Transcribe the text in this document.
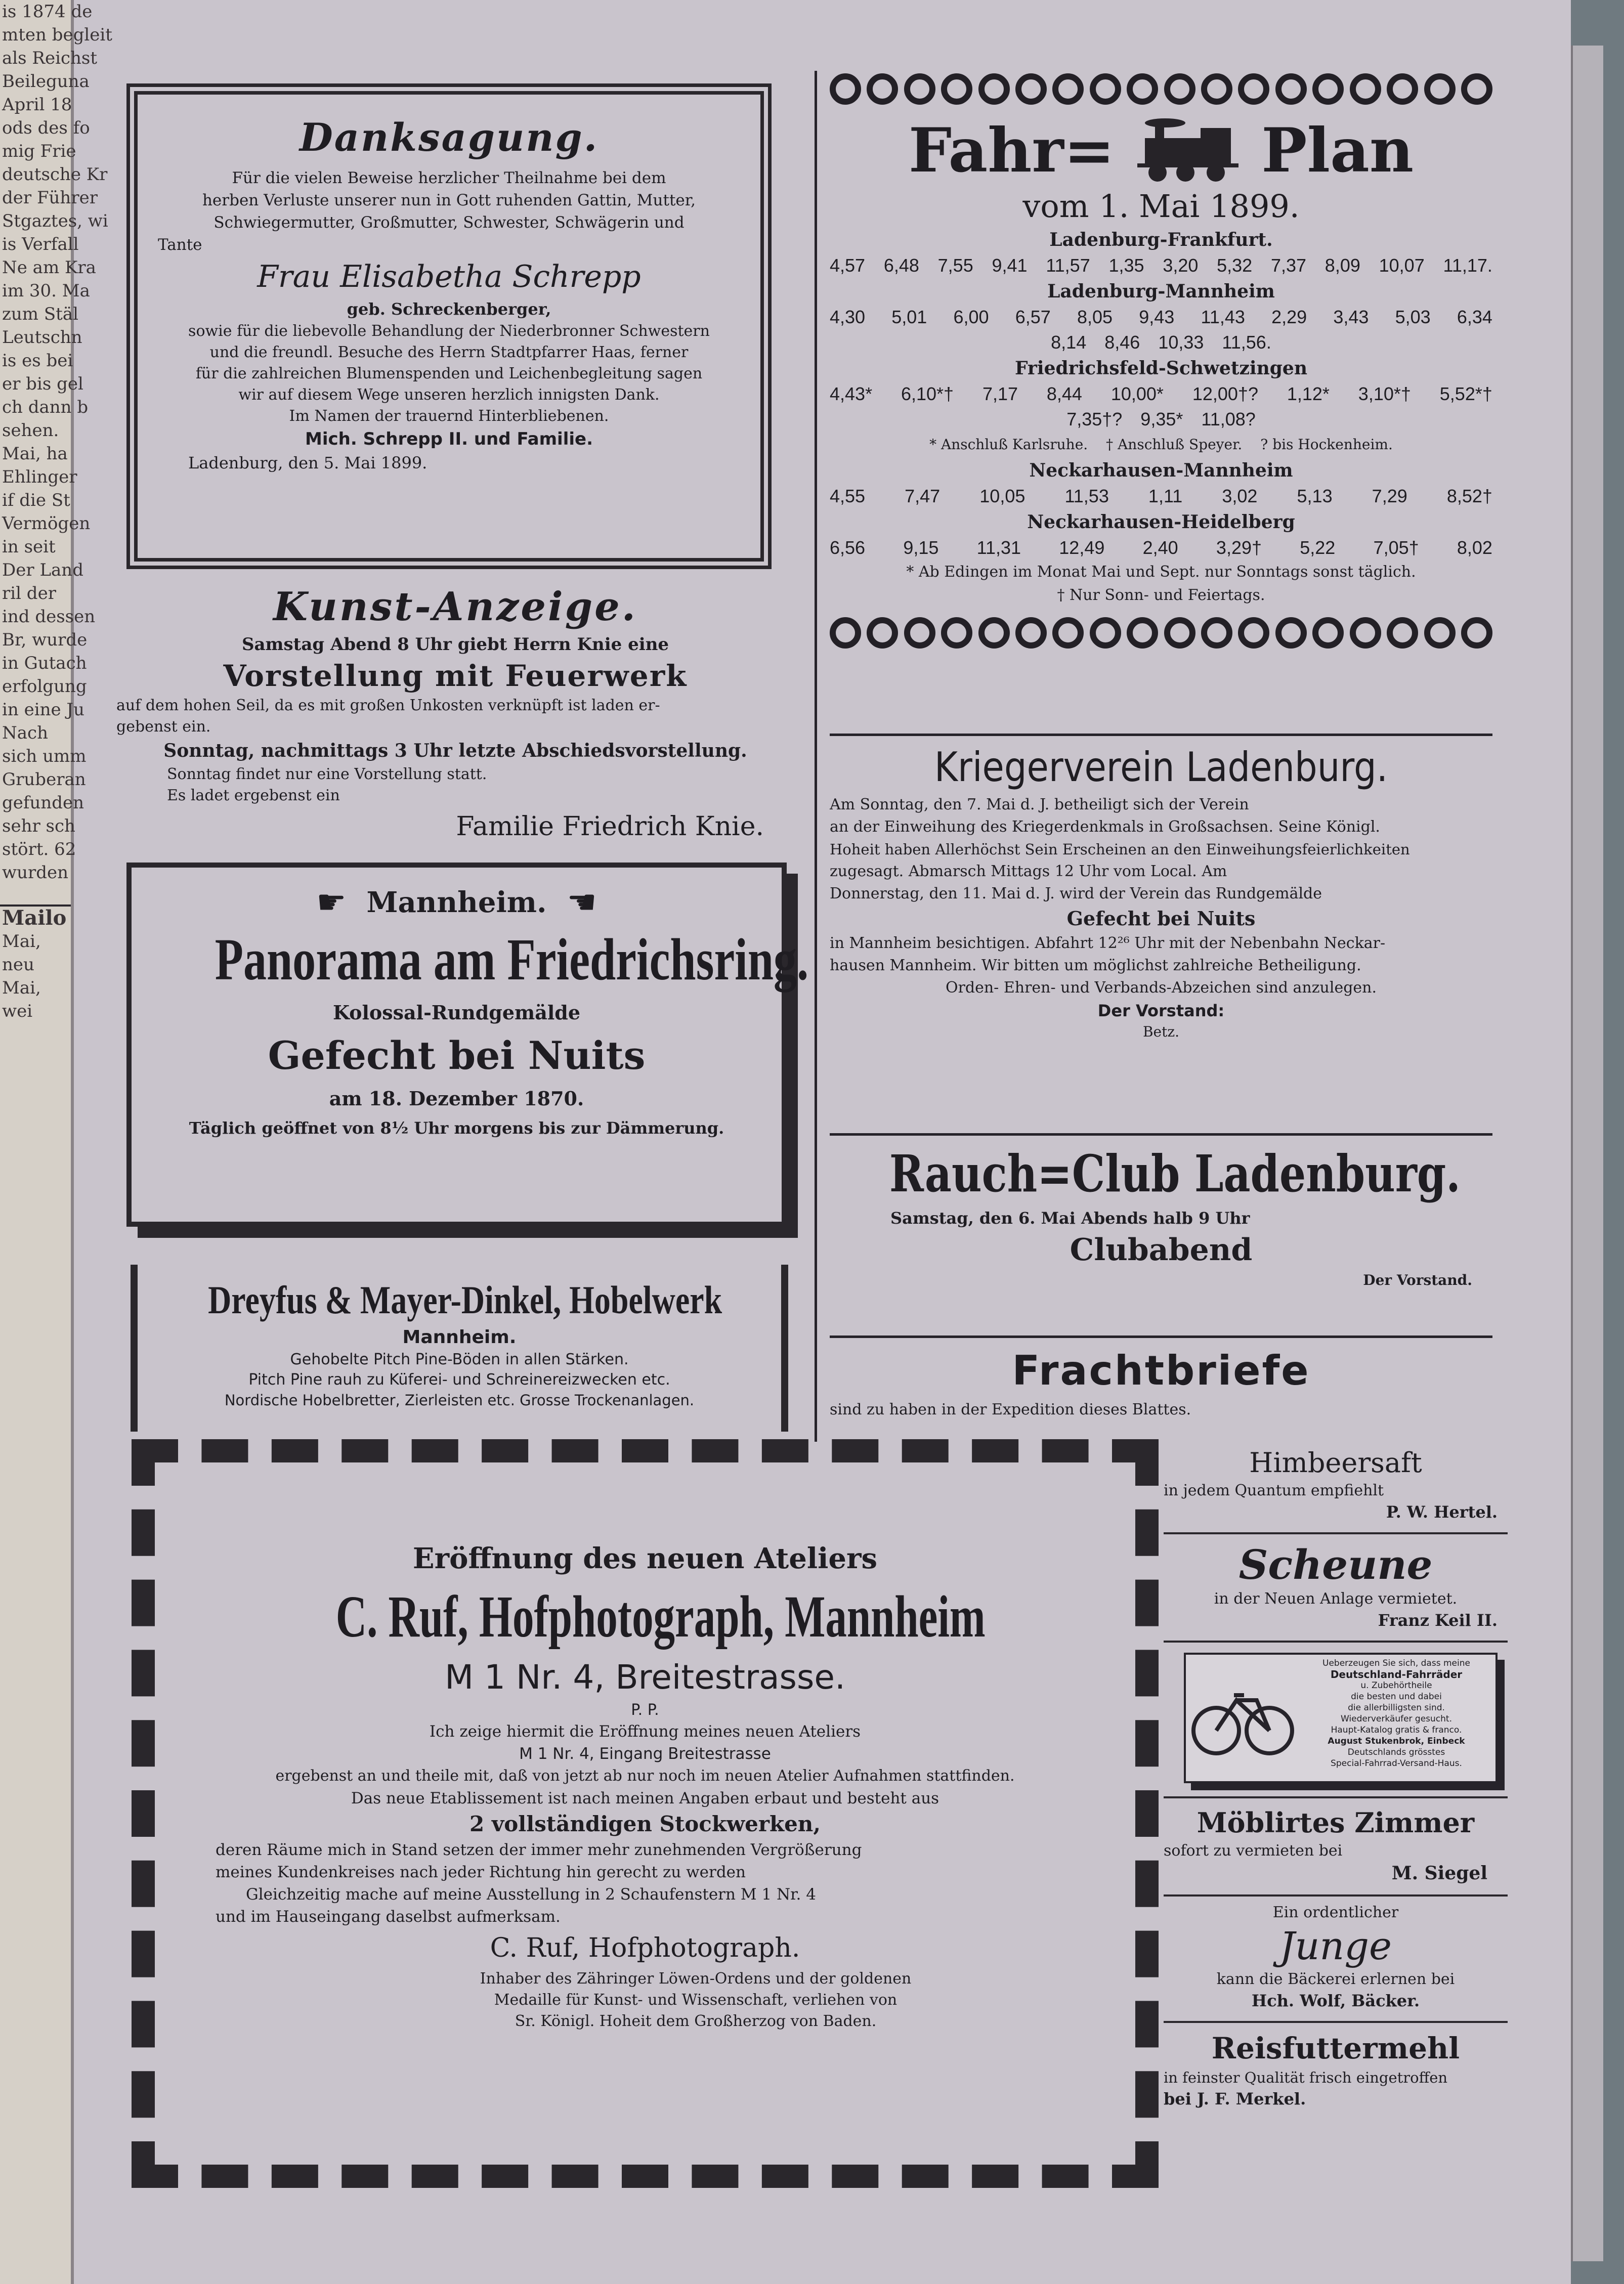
is 1874 de
mten begleit
als Reichst
Beileguna
April 18
ods des fo
mig Frie
deutsche Kr
der Führer
Stgaztes, wi
is Verfall
Ne am Kra
im 30. Ma
zum Stäl
Leutschn
is es bei
er bis gel
ch dann b
sehen.
Mai, ha
Ehlinger
if die St
Vermögen
in seit
Der Land
ril der
ind dessen
Br, wurde
in Gutach
erfolgung
in eine Ju
Nach
sich umm
Gruberan
gefunden
sehr sch
stört. 62
wurden
Mailo
Mai,
neu
Mai,
wei
Danksagung.
Für die vielen Beweise herzlicher Theilnahme bei dem
herben Verluste unserer nun in Gott ruhenden Gattin, Mutter,
Schwiegermutter, Großmutter, Schwester, Schwägerin und
Tante
Frau Elisabetha Schrepp
geb. Schreckenberger,
sowie für die liebevolle Behandlung der Niederbronner Schwestern
und die freundl. Besuche des Herrn Stadtpfarrer Haas, ferner
für die zahlreichen Blumenspenden und Leichenbegleitung sagen
wir auf diesem Wege unseren herzlich innigsten Dank.
Im Namen der trauernd Hinterbliebenen.
Mich. Schrepp II. und Familie.
Ladenburg, den 5. Mai 1899.
Kunst-Anzeige.
Samstag Abend 8 Uhr giebt Herrn Knie eine
Vorstellung mit Feuerwerk
auf dem hohen Seil, da es mit großen Unkosten verknüpft ist laden er-
gebenst ein.
Sonntag, nachmittags 3 Uhr letzte Abschiedsvorstellung.
Sonntag findet nur eine Vorstellung statt.
Es ladet ergebenst ein
Familie Friedrich Knie.
☛ Mannheim. ☚
Panorama am Friedrichsring.
Kolossal-Rundgemälde
Gefecht bei Nuits
am 18. Dezember 1870.
Täglich geöffnet von 8½ Uhr morgens bis zur Dämmerung.
Dreyfus & Mayer-Dinkel, Hobelwerk
Mannheim.
Gehobelte Pitch Pine-Böden in allen Stärken.
Pitch Pine rauh zu Küferei- und Schreinereizwecken etc.
Nordische Hobelbretter, Zierleisten etc. Grosse Trockenanlagen.
Fahr= Plan
vom 1. Mai 1899.
Ladenburg-Frankfurt.
4,57 6,48 7,55 9,41 11,57 1,35 3,20 5,32 7,37 8,09 10,07 11,17.
Ladenburg-Mannheim
4,30 5,01 6,00 6,57 8,05 9,43 11,43 2,29 3,43 5,03 6,34
8,14 8,46 10,33 11,56.
Friedrichsfeld-Schwetzingen
4,43* 6,10*† 7,17 8,44 10,00* 12,00†? 1,12* 3,10*† 5,52*†
7,35†? 9,35* 11,08?
* Anschluß Karlsruhe. † Anschluß Speyer. ? bis Hockenheim.
Neckarhausen-Mannheim
4,55 7,47 10,05 11,53 1,11 3,02 5,13 7,29 8,52†
Neckarhausen-Heidelberg
6,56 9,15 11,31 12,49 2,40 3,29† 5,22 7,05† 8,02
* Ab Edingen im Monat Mai und Sept. nur Sonntags sonst täglich.
† Nur Sonn- und Feiertags.
Kriegerverein Ladenburg.
Am Sonntag, den 7. Mai d. J. betheiligt sich der Verein
an der Einweihung des Kriegerdenkmals in Großsachsen. Seine Königl.
Hoheit haben Allerhöchst Sein Erscheinen an den Einweihungsfeierlichkeiten
zugesagt. Abmarsch Mittags 12 Uhr vom Local. Am
Donnerstag, den 11. Mai d. J. wird der Verein das Rundgemälde
Gefecht bei Nuits
in Mannheim besichtigen. Abfahrt 12²⁶ Uhr mit der Nebenbahn Neckar-
hausen Mannheim. Wir bitten um möglichst zahlreiche Betheiligung.
Orden- Ehren- und Verbands-Abzeichen sind anzulegen.
Der Vorstand:
Betz.
Rauch=Club Ladenburg.
Samstag, den 6. Mai Abends halb 9 Uhr
Clubabend
Der Vorstand.
Frachtbriefe
sind zu haben in der Expedition dieses Blattes.
Eröffnung des neuen Ateliers
C. Ruf, Hofphotograph, Mannheim
M 1 Nr. 4, Breitestrasse.
P. P.
Ich zeige hiermit die Eröffnung meines neuen Ateliers
M 1 Nr. 4, Eingang Breitestrasse
ergebenst an und theile mit, daß von jetzt ab nur noch im neuen Atelier Aufnahmen stattfinden.
Das neue Etablissement ist nach meinen Angaben erbaut und besteht aus
2 vollständigen Stockwerken,
deren Räume mich in Stand setzen der immer mehr zunehmenden Vergrößerung
meines Kundenkreises nach jeder Richtung hin gerecht zu werden
Gleichzeitig mache auf meine Ausstellung in 2 Schaufenstern M 1 Nr. 4
und im Hauseingang daselbst aufmerksam.
C. Ruf, Hofphotograph.
Inhaber des Zähringer Löwen-Ordens und der goldenen
Medaille für Kunst- und Wissenschaft, verliehen von
Sr. Königl. Hoheit dem Großherzog von Baden.
Himbeersaft
in jedem Quantum empfiehlt
P. W. Hertel.
Scheune
in der Neuen Anlage vermietet.
Franz Keil II.
Ueberzeugen Sie sich, dass meine
Deutschland-Fahrräder
u. Zubehörtheile
die besten und dabei
die allerbilligsten sind.
Wiederverkäufer gesucht.
Haupt-Katalog gratis & franco.
August Stukenbrok, Einbeck
Deutschlands grösstes
Special-Fahrrad-Versand-Haus.
Möblirtes Zimmer
sofort zu vermieten bei
M. Siegel
Ein ordentlicher
Junge
kann die Bäckerei erlernen bei
Hch. Wolf, Bäcker.
Reisfuttermehl
in feinster Qualität frisch eingetroffen
bei J. F. Merkel.
